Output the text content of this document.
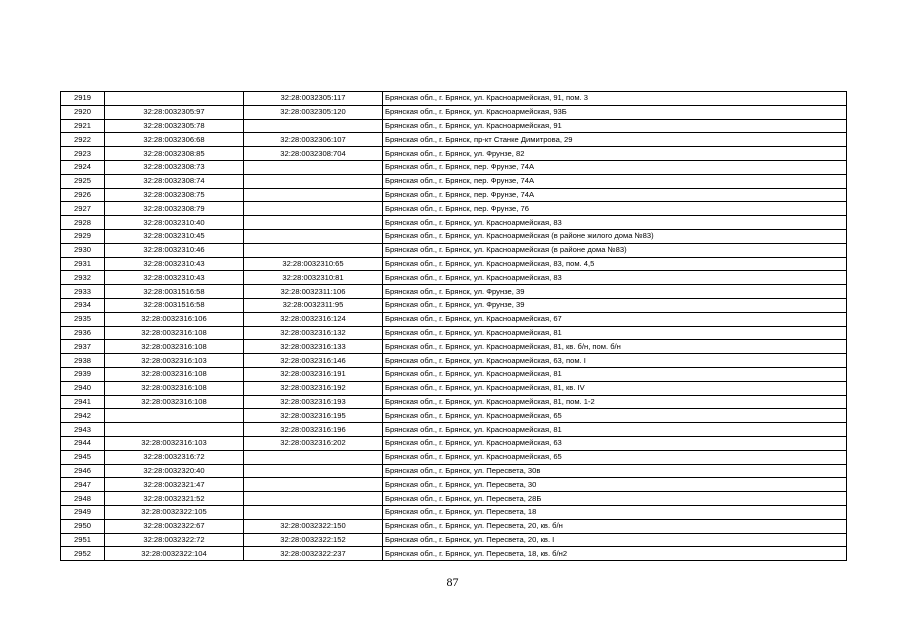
2919		32:28:0032305:117	Брянская обл., г. Брянск, ул. Красноармейская, 91, пом. 3
2920	32:28:0032305:97	32:28:0032305:120	Брянская обл., г. Брянск, ул. Красноармейская, 93Б
2921	32:28:0032305:78		Брянская обл., г. Брянск, ул. Красноармейская, 91
2922	32:28:0032306:68	32:28:0032306:107	Брянская обл., г. Брянск, пр-кт Станке Димитрова, 29
2923	32:28:0032308:85	32:28:0032308:704	Брянская обл., г. Брянск, ул. Фрунзе, 82
2924	32:28:0032308:73		Брянская обл., г. Брянск, пер. Фрунзе, 74А
2925	32:28:0032308:74		Брянская обл., г. Брянск, пер. Фрунзе, 74А
2926	32:28:0032308:75		Брянская обл., г. Брянск, пер. Фрунзе, 74А
2927	32:28:0032308:79		Брянская обл., г. Брянск, пер. Фрунзе, 76
2928	32:28:0032310:40		Брянская обл., г. Брянск, ул. Красноармейская, 83
2929	32:28:0032310:45		Брянская обл., г. Брянск, ул. Красноармейская (в районе жилого дома №83)
2930	32:28:0032310:46		Брянская обл., г. Брянск, ул. Красноармейская (в районе дома №83)
2931	32:28:0032310:43	32:28:0032310:65	Брянская обл., г. Брянск, ул. Красноармейская, 83, пом. 4,5
2932	32:28:0032310:43	32:28:0032310:81	Брянская обл., г. Брянск, ул. Красноармейская, 83
2933	32:28:0031516:58	32:28:0032311:106	Брянская обл., г. Брянск, ул. Фрунзе, 39
2934	32:28:0031516:58	32:28:0032311:95	Брянская обл., г. Брянск, ул. Фрунзе, 39
2935	32:28:0032316:106	32:28:0032316:124	Брянская обл., г. Брянск, ул. Красноармейская, 67
2936	32:28:0032316:108	32:28:0032316:132	Брянская обл., г. Брянск, ул. Красноармейская, 81
2937	32:28:0032316:108	32:28:0032316:133	Брянская обл., г. Брянск, ул. Красноармейская, 81, кв. б/н, пом. б/н
2938	32:28:0032316:103	32:28:0032316:146	Брянская обл., г. Брянск, ул. Красноармейская, 63, пом. I
2939	32:28:0032316:108	32:28:0032316:191	Брянская обл., г. Брянск, ул. Красноармейская, 81
2940	32:28:0032316:108	32:28:0032316:192	Брянская обл., г. Брянск, ул. Красноармейская, 81, кв. IV
2941	32:28:0032316:108	32:28:0032316:193	Брянская обл., г. Брянск, ул. Красноармейская, 81, пом. 1-2
2942		32:28:0032316:195	Брянская обл., г. Брянск, ул. Красноармейская, 65
2943		32:28:0032316:196	Брянская обл., г. Брянск, ул. Красноармейская, 81
2944	32:28:0032316:103	32:28:0032316:202	Брянская обл., г. Брянск, ул. Красноармейская, 63
2945	32:28:0032316:72		Брянская обл., г. Брянск, ул. Красноармейская, 65
2946	32:28:0032320:40		Брянская обл., г. Брянск, ул. Пересвета, 30в
2947	32:28:0032321:47		Брянская обл., г. Брянск, ул. Пересвета, 30
2948	32:28:0032321:52		Брянская обл., г. Брянск, ул. Пересвета, 28Б
2949	32:28:0032322:105		Брянская обл., г. Брянск, ул. Пересвета, 18
2950	32:28:0032322:67	32:28:0032322:150	Брянская обл., г. Брянск, ул. Пересвета, 20, кв. б/н
2951	32:28:0032322:72	32:28:0032322:152	Брянская обл., г. Брянск, ул. Пересвета, 20, кв. I
2952	32:28:0032322:104	32:28:0032322:237	Брянская обл., г. Брянск, ул. Пересвета, 18, кв. б/н2
87
